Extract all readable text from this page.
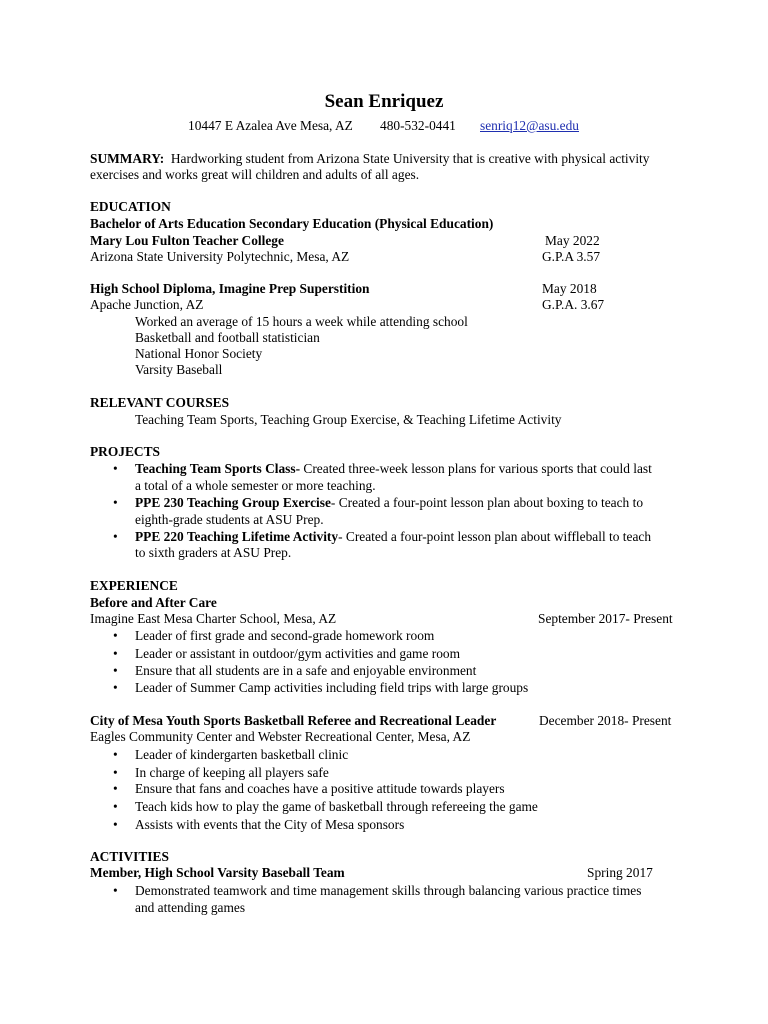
Sean Enriquez
10447 E Azalea Ave Mesa, AZ 480-532-0441 senriq12@asu.edu
SUMMARY: Hardworking student from Arizona State University that is creative with physical activity
exercises and works great will children and adults of all ages.
EDUCATION
Bachelor of Arts Education Secondary Education (Physical Education)
Mary Lou Fulton Teacher College	May 2022
Arizona State University Polytechnic, Mesa, AZ	G.P.A 3.57
High School Diploma, Imagine Prep Superstition	May 2018
Apache Junction, AZ	G.P.A. 3.67
Worked an average of 15 hours a week while attending school
Basketball and football statistician
National Honor Society
Varsity Baseball
RELEVANT COURSES
Teaching Team Sports, Teaching Group Exercise, & Teaching Lifetime Activity
PROJECTS
Teaching Team Sports Class- Created three-week lesson plans for various sports that could last
a total of a whole semester or more teaching.
PPE 230 Teaching Group Exercise- Created a four-point lesson plan about boxing to teach to
eighth-grade students at ASU Prep.
PPE 220 Teaching Lifetime Activity- Created a four-point lesson plan about wiffleball to teach
to sixth graders at ASU Prep.
EXPERIENCE
Before and After Care
Imagine East Mesa Charter School, Mesa, AZ	September 2017- Present
Leader of first grade and second-grade homework room
Leader or assistant in outdoor/gym activities and game room
Ensure that all students are in a safe and enjoyable environment
Leader of Summer Camp activities including field trips with large groups
City of Mesa Youth Sports Basketball Referee and Recreational Leader	December 2018- Present
Eagles Community Center and Webster Recreational Center, Mesa, AZ
Leader of kindergarten basketball clinic
In charge of keeping all players safe
Ensure that fans and coaches have a positive attitude towards players
Teach kids how to play the game of basketball through refereeing the game
Assists with events that the City of Mesa sponsors
ACTIVITIES
Member, High School Varsity Baseball Team	Spring 2017
Demonstrated teamwork and time management skills through balancing various practice times
and attending games
